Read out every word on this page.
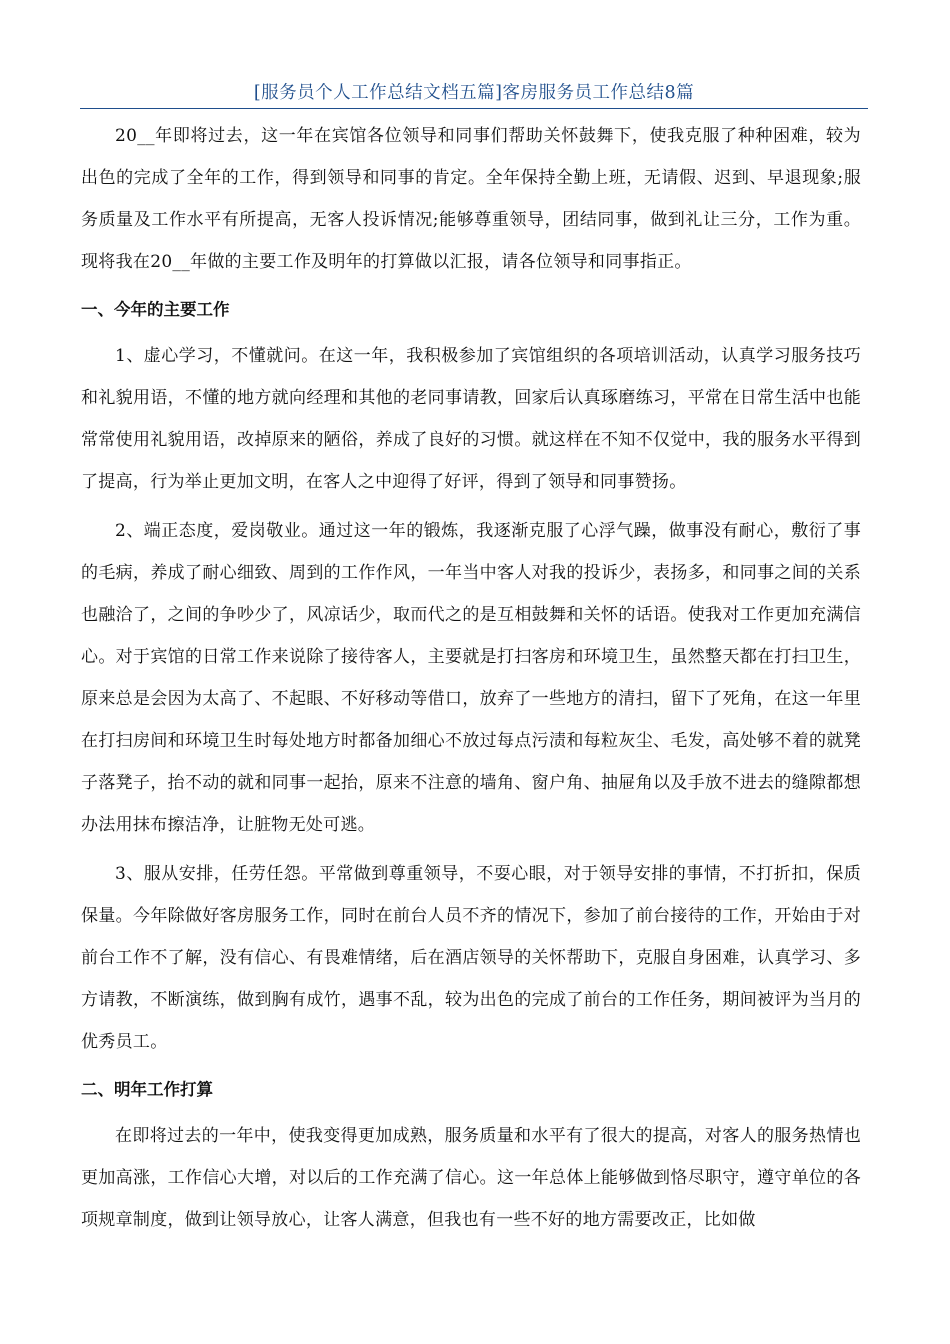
[服务员个人工作总结文档五篇]客房服务员工作总结8篇

20__年即将过去，这一年在宾馆各位领导和同事们帮助关怀鼓舞下，使我克服了种种困难，较为出色的完成了全年的工作，得到领导和同事的肯定。全年保持全勤上班，无请假、迟到、早退现象;服务质量及工作水平有所提高，无客人投诉情况;能够尊重领导，团结同事，做到礼让三分，工作为重。现将我在20__年做的主要工作及明年的打算做以汇报，请各位领导和同事指正。

一、今年的主要工作

1、虚心学习，不懂就问。在这一年，我积极参加了宾馆组织的各项培训活动，认真学习服务技巧和礼貌用语，不懂的地方就向经理和其他的老同事请教，回家后认真琢磨练习，平常在日常生活中也能常常使用礼貌用语，改掉原来的陋俗，养成了良好的习惯。就这样在不知不仅觉中，我的服务水平得到了提高，行为举止更加文明，在客人之中迎得了好评，得到了领导和同事赞扬。

2、端正态度，爱岗敬业。通过这一年的锻炼，我逐渐克服了心浮气躁，做事没有耐心，敷衍了事的毛病，养成了耐心细致、周到的工作作风，一年当中客人对我的投诉少，表扬多，和同事之间的关系也融洽了，之间的争吵少了，风凉话少，取而代之的是互相鼓舞和关怀的话语。使我对工作更加充满信心。对于宾馆的日常工作来说除了接待客人，主要就是打扫客房和环境卫生，虽然整天都在打扫卫生，原来总是会因为太高了、不起眼、不好移动等借口，放弃了一些地方的清扫，留下了死角，在这一年里在打扫房间和环境卫生时每处地方时都备加细心不放过每点污渍和每粒灰尘、毛发，高处够不着的就凳子落凳子，抬不动的就和同事一起抬，原来不注意的墙角、窗户角、抽屉角以及手放不进去的缝隙都想办法用抹布擦洁净，让脏物无处可逃。

3、服从安排，任劳任怨。平常做到尊重领导，不耍心眼，对于领导安排的事情，不打折扣，保质保量。今年除做好客房服务工作，同时在前台人员不齐的情况下，参加了前台接待的工作，开始由于对前台工作不了解，没有信心、有畏难情绪，后在酒店领导的关怀帮助下，克服自身困难，认真学习、多方请教，不断演练，做到胸有成竹，遇事不乱，较为出色的完成了前台的工作任务，期间被评为当月的优秀员工。

二、明年工作打算

在即将过去的一年中，使我变得更加成熟，服务质量和水平有了很大的提高，对客人的服务热情也更加高涨，工作信心大增，对以后的工作充满了信心。这一年总体上能够做到恪尽职守，遵守单位的各项规章制度，做到让领导放心，让客人满意，但我也有一些不好的地方需要改正，比如做
